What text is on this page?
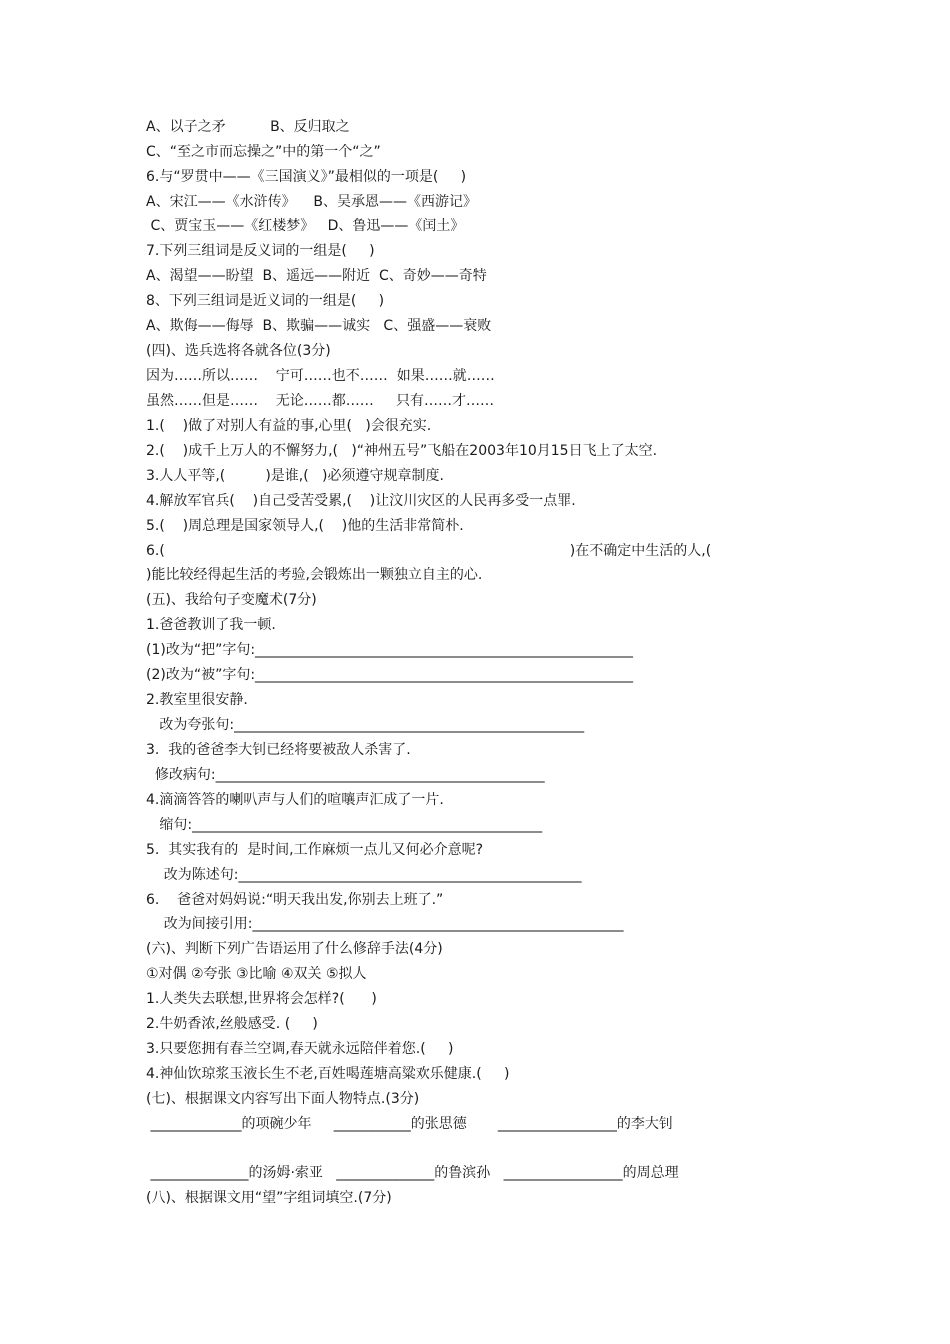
A、以子之矛          B、反归取之
C、“至之市而忘操之”中的第一个“之”
6.与“罗贯中——《三国演义》”最相似的一项是(     )
A、宋江——《水浒传》    B、吴承恩——《西游记》
C、贾宝玉——《红楼梦》   D、鲁迅——《闰土》
7.下列三组词是反义词的一组是(     )
A、渴望——盼望  B、遥远——附近  C、奇妙——奇特
8、下列三组词是近义词的一组是(     )
A、欺侮——侮辱  B、欺骗——诚实   C、强盛——衰败
(四)、选兵选将各就各位(3分)
因为……所以……    宁可……也不……  如果……就……
虽然……但是……    无论……都……     只有……才……
1.(    )做了对别人有益的事,心里(   )会很充实.
2.(    )成千上万人的不懈努力,(   )“神州五号”飞船在2003年10月15日飞上了太空.
3.人人平等,(         )是谁,(   )必须遵守规章制度.
4.解放军官兵(    )自己受苦受累,(    )让汶川灾区的人民再多受一点罪.
5.(    )周总理是国家领导人,(    )他的生活非常简朴.
6.(                                                                                           )在不确定中生活的人,(
)能比较经得起生活的考验,会锻炼出一颗独立自主的心.
(五)、我给句子变魔术(7分)
1.爸爸教训了我一顿.
(1)改为“把”字句:______________________________________________________
(2)改为“被”字句:______________________________________________________
2.教室里很安静.
改为夸张句:__________________________________________________
3.  我的爸爸李大钊已经将要被敌人杀害了.
修改病句:_______________________________________________
4.滴滴答答的喇叭声与人们的喧嚷声汇成了一片.
缩句:__________________________________________________
5.  其实我有的  是时间,工作麻烦一点儿又何必介意呢?
改为陈述句:_________________________________________________
6.    爸爸对妈妈说:“明天我出发,你别去上班了.”
改为间接引用:_____________________________________________________
(六)、判断下列广告语运用了什么修辞手法(4分)
①对偶 ②夸张 ③比喻 ④双关 ⑤拟人
1.人类失去联想,世界将会怎样?(      )
2.牛奶香浓,丝般感受. (     )
3.只要您拥有春兰空调,春天就永远陪伴着您.(     )
4.神仙饮琼浆玉液长生不老,百姓喝莲塘高粱欢乐健康.(     )
(七)、根据课文内容写出下面人物特点.(3分)
_____________的项碗少年     ___________的张思德       _________________的李大钊
______________的汤姆·索亚   ______________的鲁滨孙   _________________的周总理
(八)、根据课文用“望”字组词填空.(7分)
